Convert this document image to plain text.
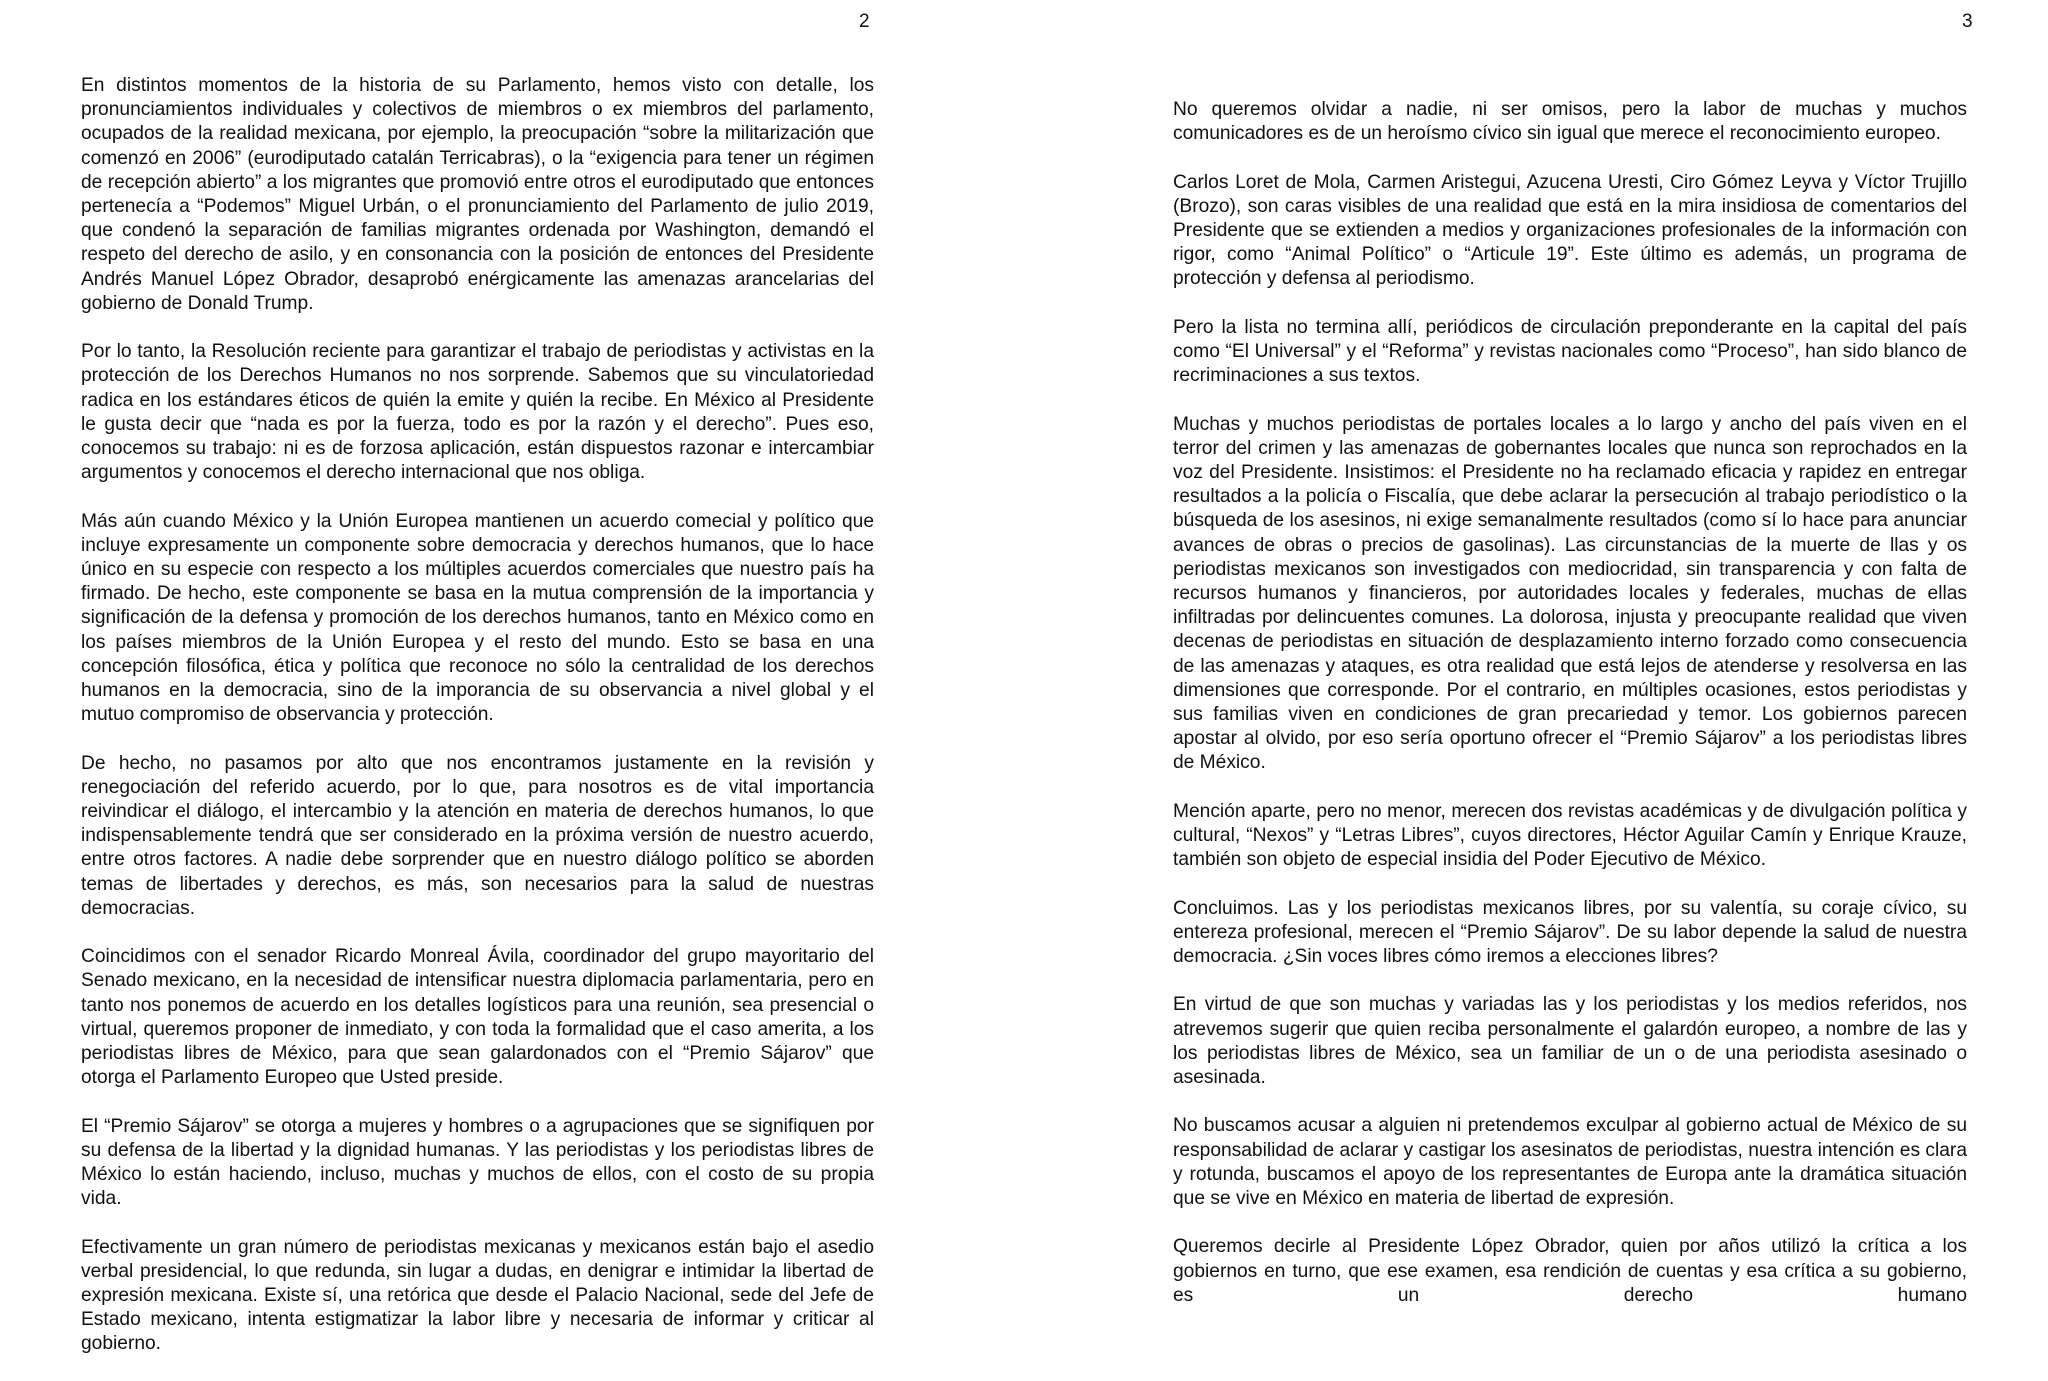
2

En distintos momentos de la historia de su Parlamento, hemos visto con detalle, los pronunciamientos individuales y colectivos de miembros o ex miembros del parlamento, ocupados de la realidad mexicana, por ejemplo, la preocupación “sobre la militarización que comenzó en 2006” (eurodiputado catalán Terricabras), o la “exigencia para tener un régimen de recepción abierto” a los migrantes que promovió entre otros el eurodiputado que entonces pertenecía a “Podemos” Miguel Urbán, o el pronunciamiento del Parlamento de julio 2019, que condenó la separación de familias migrantes ordenada por Washington, demandó el respeto del derecho de asilo, y en consonancia con la posición de entonces del Presidente Andrés Manuel López Obrador, desaprobó enérgicamente las amenazas arancelarias del gobierno de Donald Trump.

Por lo tanto, la Resolución reciente para garantizar el trabajo de periodistas y activistas en la protección de los Derechos Humanos no nos sorprende. Sabemos que su vinculatoriedad radica en los estándares éticos de quién la emite y quién la recibe. En México al Presidente le gusta decir que “nada es por la fuerza, todo es por la razón y el derecho”. Pues eso, conocemos su trabajo: ni es de forzosa aplicación, están dispuestos razonar e intercambiar argumentos y conocemos el derecho internacional que nos obliga.

Más aún cuando México y la Unión Europea mantienen un acuerdo comecial y político que incluye expresamente un componente sobre democracia y derechos humanos, que lo hace único en su especie con respecto a los múltiples acuerdos comerciales que nuestro país ha firmado. De hecho, este componente se basa en la mutua comprensión de la importancia y significación de la defensa y promoción de los derechos humanos, tanto en México como en los países miembros de la Unión Europea y el resto del mundo. Esto se basa en una concepción filosófica, ética y política que reconoce no sólo la centralidad de los derechos humanos en la democracia, sino de la imporancia de su observancia a nivel global y el mutuo compromiso de observancia y protección.

De hecho, no pasamos por alto que nos encontramos justamente en la revisión y renegociación del referido acuerdo, por lo que, para nosotros es de vital importancia reivindicar el diálogo, el intercambio y la atención en materia de derechos humanos, lo que indispensablemente tendrá que ser considerado en la próxima versión de nuestro acuerdo, entre otros factores. A nadie debe sorprender que en nuestro diálogo político se aborden temas de libertades y derechos, es más, son necesarios para la salud de nuestras democracias.

Coincidimos con el senador Ricardo Monreal Ávila, coordinador del grupo mayoritario del Senado mexicano, en la necesidad de intensificar nuestra diplomacia parlamentaria, pero en tanto nos ponemos de acuerdo en los detalles logísticos para una reunión, sea presencial o virtual, queremos proponer de inmediato, y con toda la formalidad que el caso amerita, a los periodistas libres de México, para que sean galardonados con el “Premio Sájarov” que otorga el Parlamento Europeo que Usted preside.

El “Premio Sájarov” se otorga a mujeres y hombres o a agrupaciones que se signifiquen por su defensa de la libertad y la dignidad humanas. Y las periodistas y los periodistas libres de México lo están haciendo, incluso, muchas y muchos de ellos, con el costo de su propia vida.

Efectivamente un gran número de periodistas mexicanas y mexicanos están bajo el asedio verbal presidencial, lo que redunda, sin lugar a dudas, en denigrar e intimidar la libertad de expresión mexicana. Existe sí, una retórica que desde el Palacio Nacional, sede del Jefe de Estado mexicano, intenta estigmatizar la labor libre y necesaria de informar y criticar al gobierno.

3

No queremos olvidar a nadie, ni ser omisos, pero la labor de muchas y muchos comunicadores es de un heroísmo cívico sin igual que merece el reconocimiento europeo.

Carlos Loret de Mola, Carmen Aristegui, Azucena Uresti, Ciro Gómez Leyva y Víctor Trujillo (Brozo), son caras visibles de una realidad que está en la mira insidiosa de comentarios del Presidente que se extienden a medios y organizaciones profesionales de la información con rigor, como “Animal Político” o “Articule 19”. Este último es además, un programa de protección y defensa al periodismo.

Pero la lista no termina allí, periódicos de circulación preponderante en la capital del país como “El Universal” y el “Reforma” y revistas nacionales como “Proceso”, han sido blanco de recriminaciones a sus textos.

Muchas y muchos periodistas de portales locales a lo largo y ancho del país viven en el terror del crimen y las amenazas de gobernantes locales que nunca son reprochados en la voz del Presidente. Insistimos: el Presidente no ha reclamado eficacia y rapidez en entregar resultados a la policía o Fiscalía, que debe aclarar la persecución al trabajo periodístico o la búsqueda de los asesinos, ni exige semanalmente resultados (como sí lo hace para anunciar avances de obras o precios de gasolinas). Las circunstancias de la muerte de llas y os periodistas mexicanos son investigados con mediocridad, sin transparencia y con falta de recursos humanos y financieros, por autoridades locales y federales, muchas de ellas infiltradas por delincuentes comunes. La dolorosa, injusta y preocupante realidad que viven decenas de periodistas en situación de desplazamiento interno forzado como consecuencia de las amenazas y ataques, es otra realidad que está lejos de atenderse y resolversa en las dimensiones que corresponde. Por el contrario, en múltiples ocasiones, estos periodistas y sus familias viven en condiciones de gran precariedad y temor. Los gobiernos parecen apostar al olvido, por eso sería oportuno ofrecer el “Premio Sájarov” a los periodistas libres de México.

Mención aparte, pero no menor, merecen dos revistas académicas y de divulgación política y cultural, “Nexos” y “Letras Libres”, cuyos directores, Héctor Aguilar Camín y Enrique Krauze, también son objeto de especial insidia del Poder Ejecutivo de México.

Concluimos. Las y los periodistas mexicanos libres, por su valentía, su coraje cívico, su entereza profesional, merecen el “Premio Sájarov”. De su labor depende la salud de nuestra democracia. ¿Sin voces libres cómo iremos a elecciones libres?

En virtud de que son muchas y variadas las y los periodistas y los medios referidos, nos atrevemos sugerir que quien reciba personalmente el galardón europeo, a nombre de las y los periodistas libres de México, sea un familiar de un o de una periodista asesinado o asesinada.

No buscamos acusar a alguien ni pretendemos exculpar al gobierno actual de México de su responsabilidad de aclarar y castigar los asesinatos de periodistas, nuestra intención es clara y rotunda, buscamos el apoyo de los representantes de Europa ante la dramática situación que se vive en México en materia de libertad de expresión.

Queremos decirle al Presidente López Obrador, quien por años utilizó la crítica a los gobiernos en turno, que ese examen, esa rendición de cuentas y esa crítica a su gobierno, es un derecho humano
